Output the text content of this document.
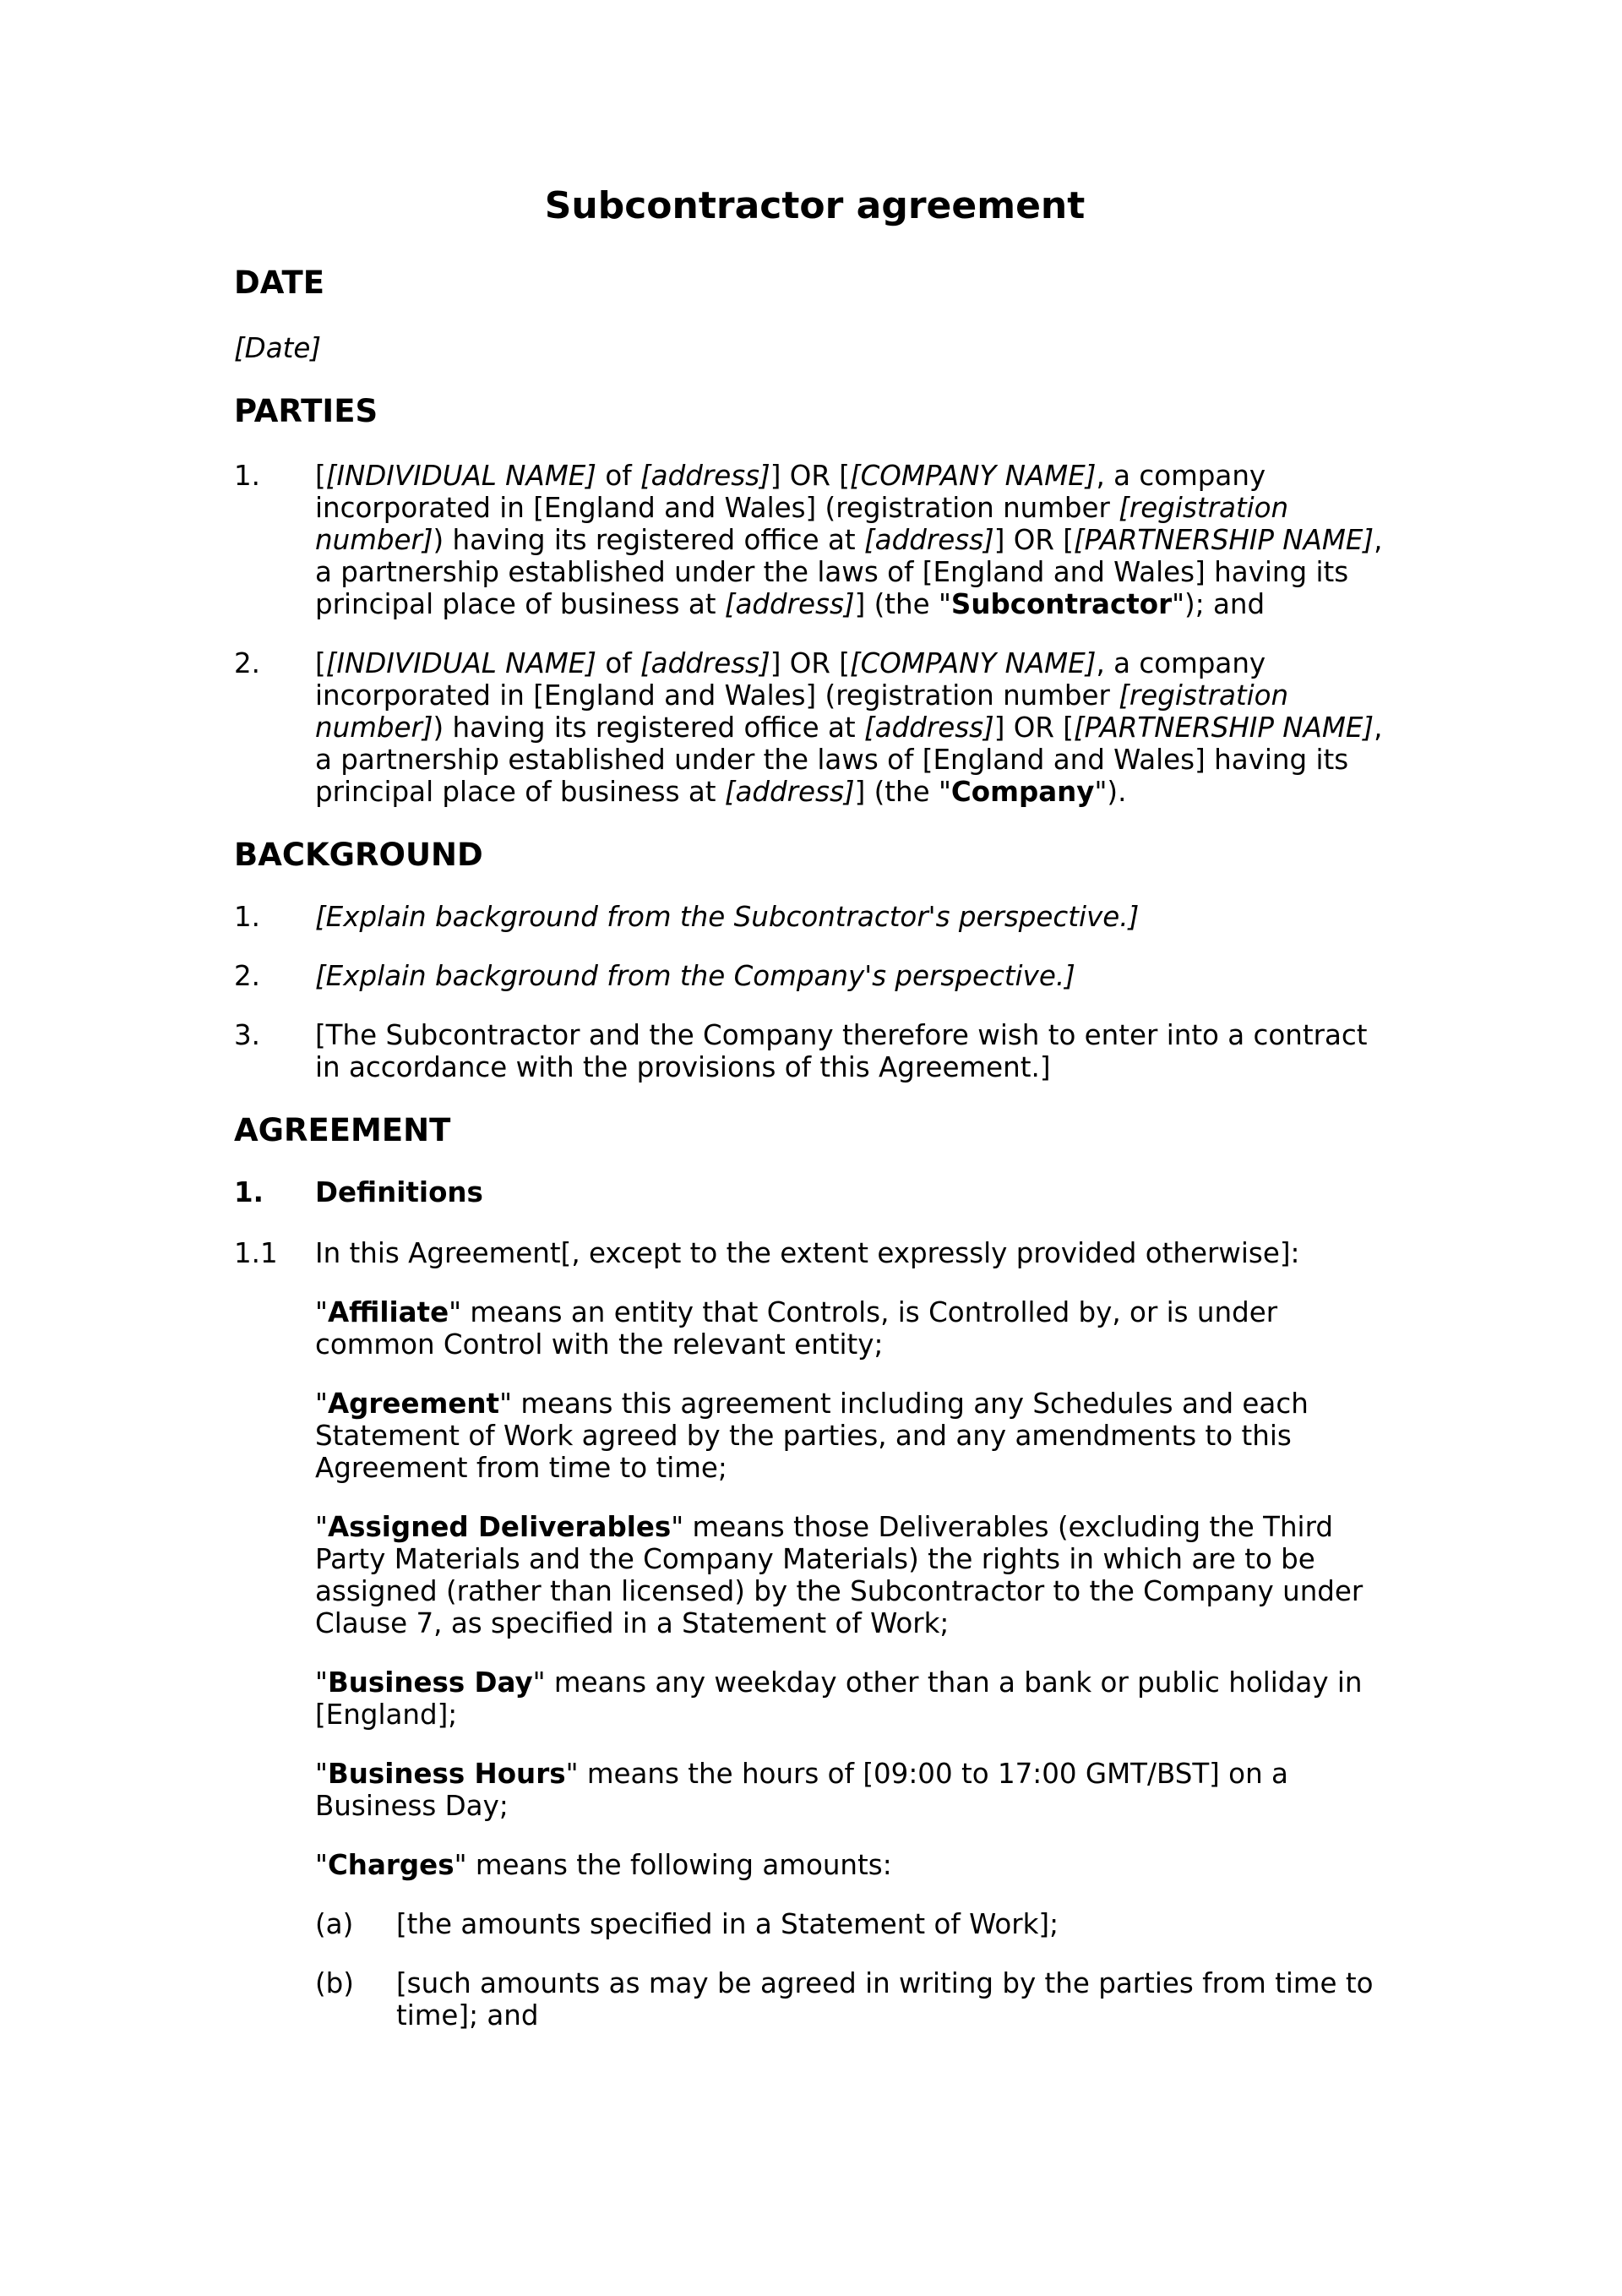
Subcontractor agreement
DATE
[Date]
PARTIES
1.	[[INDIVIDUAL NAME] of [address]] OR [[COMPANY NAME], a company incorporated in [England and Wales] (registration number [registration number]) having its registered office at [address]] OR [[PARTNERSHIP NAME], a partnership established under the laws of [England and Wales] having its principal place of business at [address]] (the "Subcontractor"); and
2.	[[INDIVIDUAL NAME] of [address]] OR [[COMPANY NAME], a company incorporated in [England and Wales] (registration number [registration number]) having its registered office at [address]] OR [[PARTNERSHIP NAME], a partnership established under the laws of [England and Wales] having its principal place of business at [address]] (the "Company").
BACKGROUND
1.	[Explain background from the Subcontractor's perspective.]
2.	[Explain background from the Company's perspective.]
3.	[The Subcontractor and the Company therefore wish to enter into a contract in accordance with the provisions of this Agreement.]
AGREEMENT
1.	Definitions
1.1	In this Agreement[, except to the extent expressly provided otherwise]:
"Affiliate" means an entity that Controls, is Controlled by, or is under common Control with the relevant entity;
"Agreement" means this agreement including any Schedules and each Statement of Work agreed by the parties, and any amendments to this Agreement from time to time;
"Assigned Deliverables" means those Deliverables (excluding the Third Party Materials and the Company Materials) the rights in which are to be assigned (rather than licensed) by the Subcontractor to the Company under Clause 7, as specified in a Statement of Work;
"Business Day" means any weekday other than a bank or public holiday in [England];
"Business Hours" means the hours of [09:00 to 17:00 GMT/BST] on a Business Day;
"Charges" means the following amounts:
(a)	[the amounts specified in a Statement of Work];
(b)	[such amounts as may be agreed in writing by the parties from time to time]; and
